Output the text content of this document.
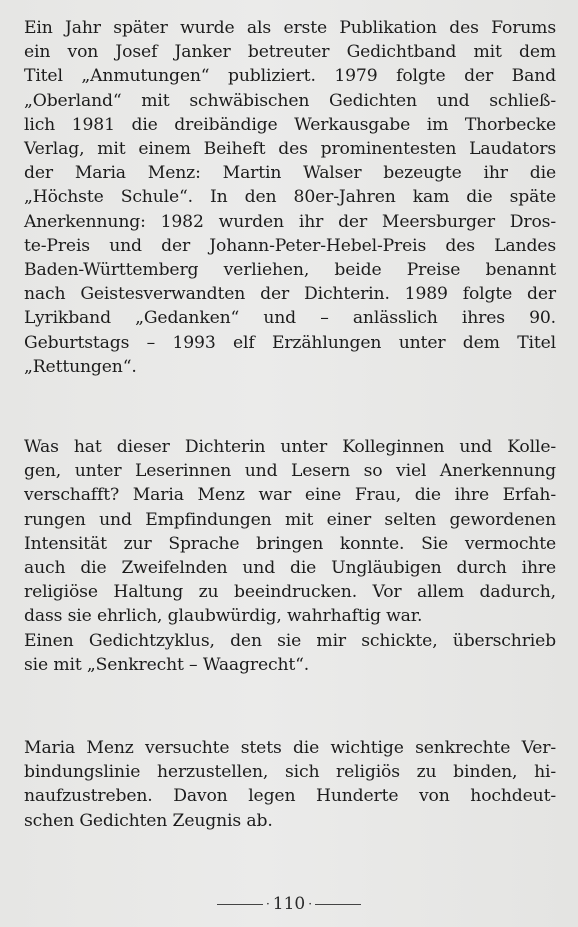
Ein Jahr später wurde als erste Publikation des Forums
ein von Josef Janker betreuter Gedichtband mit dem
Titel „Anmutungen“ publiziert. 1979 folgte der Band
„Oberland“ mit schwäbischen Gedichten und schließ-
lich 1981 die dreibändige Werkausgabe im Thorbecke
Verlag, mit einem Beiheft des prominentesten Laudators
der Maria Menz: Martin Walser bezeugte ihr die
„Höchste Schule“. In den 80er-Jahren kam die späte
Anerkennung: 1982 wurden ihr der Meersburger Dros-
te-Preis und der Johann-Peter-Hebel-Preis des Landes
Baden-Württemberg verliehen, beide Preise benannt
nach Geistesverwandten der Dichterin. 1989 folgte der
Lyrikband „Gedanken“ und – anlässlich ihres 90.
Geburtstags – 1993 elf Erzählungen unter dem Titel
„Rettungen“.
Was hat dieser Dichterin unter Kolleginnen und Kolle-
gen, unter Leserinnen und Lesern so viel Anerkennung
verschafft? Maria Menz war eine Frau, die ihre Erfah-
rungen und Empfindungen mit einer selten gewordenen
Intensität zur Sprache bringen konnte. Sie vermochte
auch die Zweifelnden und die Ungläubigen durch ihre
religiöse Haltung zu beeindrucken. Vor allem dadurch,
dass sie ehrlich, glaubwürdig, wahrhaftig war.
Einen Gedichtzyklus, den sie mir schickte, überschrieb
sie mit „Senkrecht – Waagrecht“.
Maria Menz versuchte stets die wichtige senkrechte Ver-
bindungslinie herzustellen, sich religiös zu binden, hi-
naufzustreben. Davon legen Hunderte von hochdeut-
schen Gedichten Zeugnis ab.
· 110 ·
